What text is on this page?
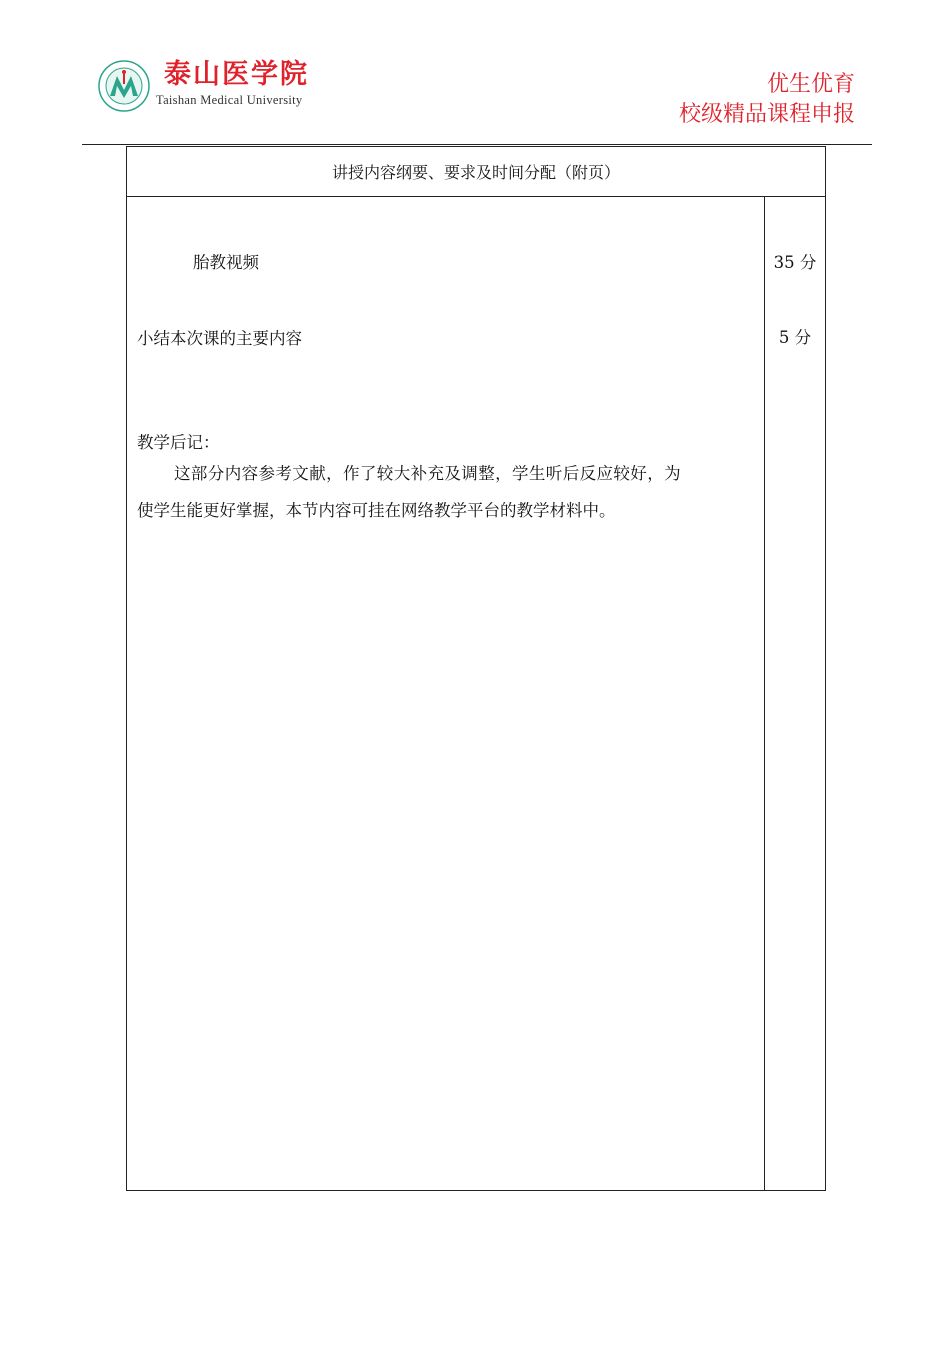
泰山医学院
Taishan Medical University
优生优育
校级精品课程申报
讲授内容纲要、要求及时间分配（附页）
胎教视频
小结本次课的主要内容
教学后记：
这部分内容参考文献，作了较大补充及调整，学生听后反应较好，为
使学生能更好掌握，本节内容可挂在网络教学平台的教学材料中。
35 分
5 分
